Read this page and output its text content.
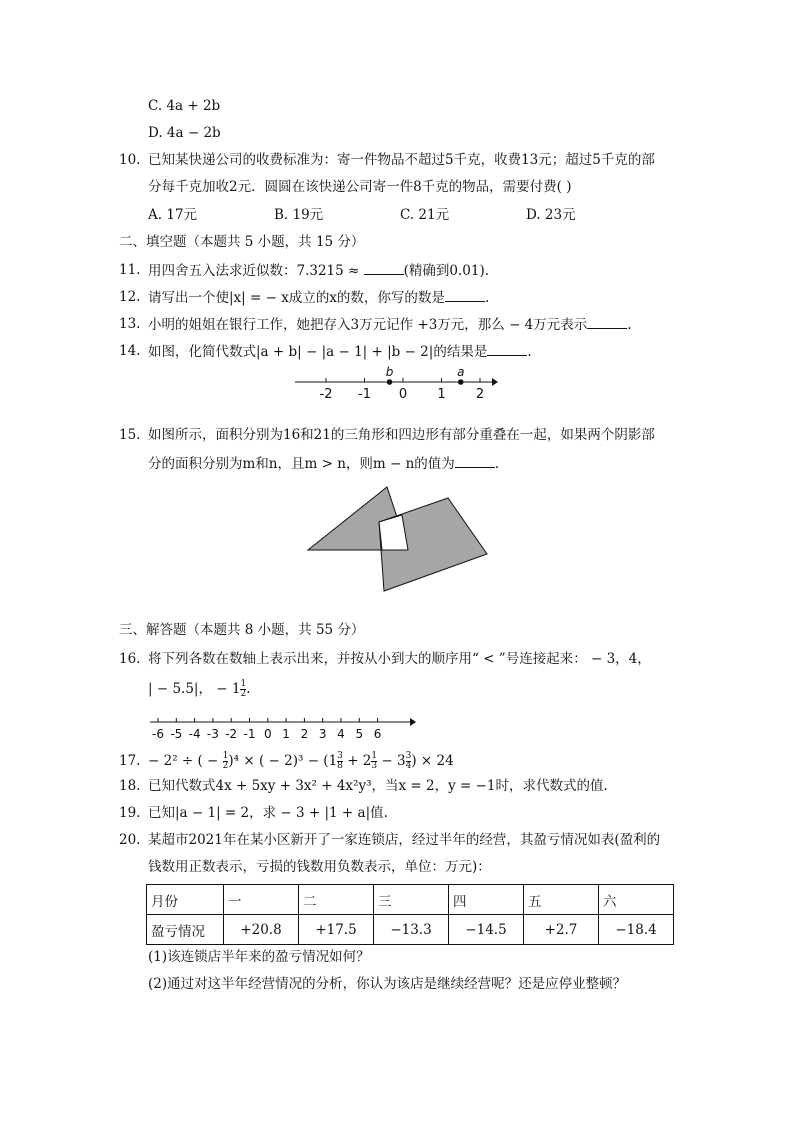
C. 4a + 2b
D. 4a − 2b
10. 已知某快递公司的收费标准为：寄一件物品不超过5千克，收费13元；超过5千克的部
分每千克加收2元．圆圆在该快递公司寄一件8千克的物品，需要付费( )
A. 17元	B. 19元	C. 21元	D. 23元
二、填空题（本题共 5 小题，共 15 分）
11. 用四舍五入法求近似数：7.3215 ≈	(精确到0.01).
12. 请写出一个使|x| = − x成立的x的数，你写的数是	.
13. 小明的姐姐在银行工作，她把存入3万元记作 +3万元，那么 − 4万元表示	.
14. 如图，化简代数式|a + b| − |a − 1| + |b − 2|的结果是	.
-2 -1 0 1 2
b	a
15. 如图所示，面积分别为16和21的三角形和四边形有部分重叠在一起，如果两个阴影部
分的面积分别为m和n，且m > n，则m − n的值为	.
三、解答题（本题共 8 小题，共 55 分）
16. 将下列各数在数轴上表示出来，并按从小到大的顺序用“ < ”号连接起来： − 3，4，
| − 5.5|， − $1 \frac{1}{2}$ .
-6 -5 -4 -3 -2 -1 0 1 2 3 4 5 6
17. − 2² ÷ ( − $\frac{1}{2} )^4$ × ( − $2)^3 - (1 \frac{3}{8} + 2 \frac{1}{3} - 3 \frac{3}{4}$ ) × 24
18. 已知代数式4x + 5xy + 3x² + 4x²y³，当x = 2，y = −1时，求代数式的值.
19. 已知|a − 1| = 2，求 − 3 + |1 + a|值.
20. 某超市2021年在某小区新开了一家连锁店，经过半年的经营，其盈亏情况如表(盈利的
钱数用正数表示，亏损的钱数用负数表示，单位：万元)：
月份	一	二	三	四	五	六
盈亏情况	+20.8	+17.5	−13.3	−14.5	+2.7	−18.4
(1)该连锁店半年来的盈亏情况如何？
(2)通过对这半年经营情况的分析，你认为该店是继续经营呢？还是应停业整顿？
